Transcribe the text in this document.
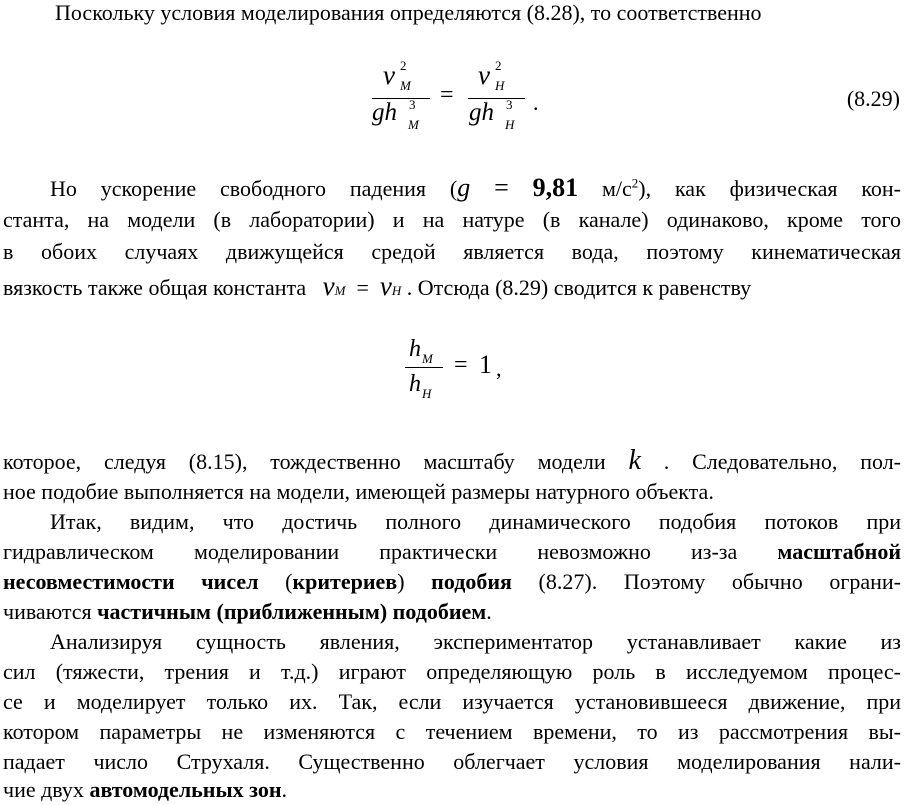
Поскольку условия моделирования определяются (8.28), то соответственно
ν 2
М
gh 3
М
=
ν 2
Н
gh 3
Н
.	(8.29)
Но ускорение свободного падения (g = 9,81 $м/с^2$), как физическая кон-
станта, на модели (в лаборатории) и на натуре (в канале) одинаково, кроме того
в обоих случаях движущейся средой является вода, поэтому кинематическая
вязкость также общая константа νМ = νН . Отсюда (8.29) сводится к равенству
h M
h H
= 1 ,
которое, следуя (8.15), тождественно масштабу модели k . Следовательно, пол-
ное подобие выполняется на модели, имеющей размеры натурного объекта.
Итак, видим, что достичь полного динамического подобия потоков при
гидравлическом моделировании практически невозможно из-за масштабной
несовместимости чисел (критериев) подобия (8.27). Поэтому обычно ограни-
чиваются частичным (приближенным) подобием.
Анализируя сущность явления, экспериментатор устанавливает какие из
сил (тяжести, трения и т.д.) играют определяющую роль в исследуемом процес-
се и моделирует только их. Так, если изучается установившееся движение, при
котором параметры не изменяются с течением времени, то из рассмотрения вы-
падает число Струхаля. Существенно облегчает условия моделирования нали-
чие двух автомодельных зон.
